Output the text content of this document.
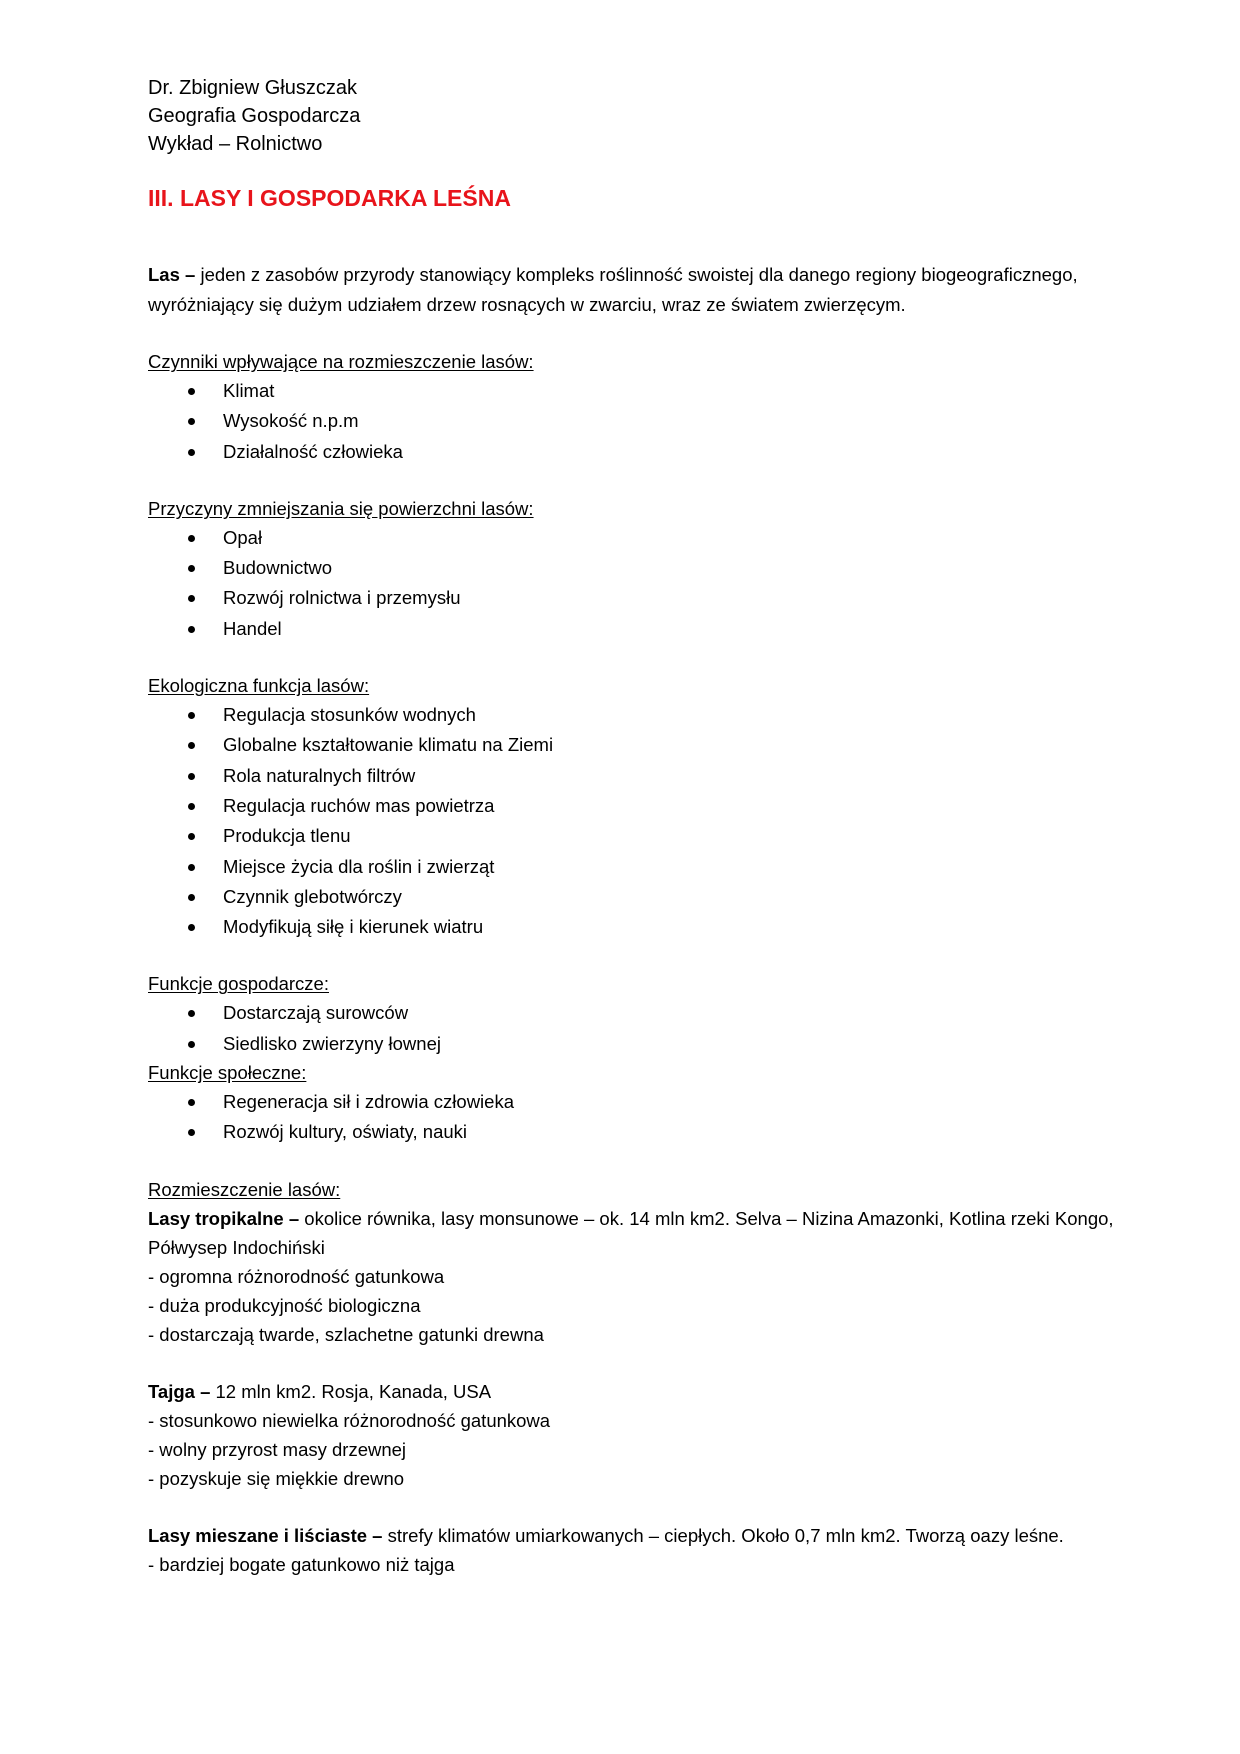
Dr. Zbigniew Głuszczak
Geografia Gospodarcza
Wykład – Rolnictwo
III. LASY I GOSPODARKA LEŚNA

Las – jeden z zasobów przyrody stanowiący kompleks roślinność swoistej dla danego regiony biogeograficznego, wyróżniający się dużym udziałem drzew rosnących w zwarciu, wraz ze światem zwierzęcym.

Czynniki wpływające na rozmieszczenie lasów:
Klimat
Wysokość n.p.m
Działalność człowieka
Przyczyny zmniejszania się powierzchni lasów:
Opał
Budownictwo
Rozwój rolnictwa i przemysłu
Handel
Ekologiczna funkcja lasów:
Regulacja stosunków wodnych
Globalne kształtowanie klimatu na Ziemi
Rola naturalnych filtrów
Regulacja ruchów mas powietrza
Produkcja tlenu
Miejsce życia dla roślin i zwierząt
Czynnik glebotwórczy
Modyfikują siłę i kierunek wiatru
Funkcje gospodarcze:
Dostarczają surowców
Siedlisko zwierzyny łownej
Funkcje społeczne:
Regeneracja sił i zdrowia człowieka
Rozwój kultury, oświaty, nauki
Rozmieszczenie lasów:
Lasy tropikalne – okolice równika, lasy monsunowe – ok. 14 mln km2. Selva – Nizina Amazonki, Kotlina rzeki Kongo, Półwysep Indochiński
- ogromna różnorodność gatunkowa
- duża produkcyjność biologiczna
- dostarczają twarde, szlachetne gatunki drewna
Tajga – 12 mln km2. Rosja, Kanada, USA
- stosunkowo niewielka różnorodność gatunkowa
- wolny przyrost masy drzewnej
- pozyskuje się miękkie drewno
Lasy mieszane i liściaste – strefy klimatów umiarkowanych – ciepłych. Około 0,7 mln km2. Tworzą oazy leśne.
- bardziej bogate gatunkowo niż tajga
